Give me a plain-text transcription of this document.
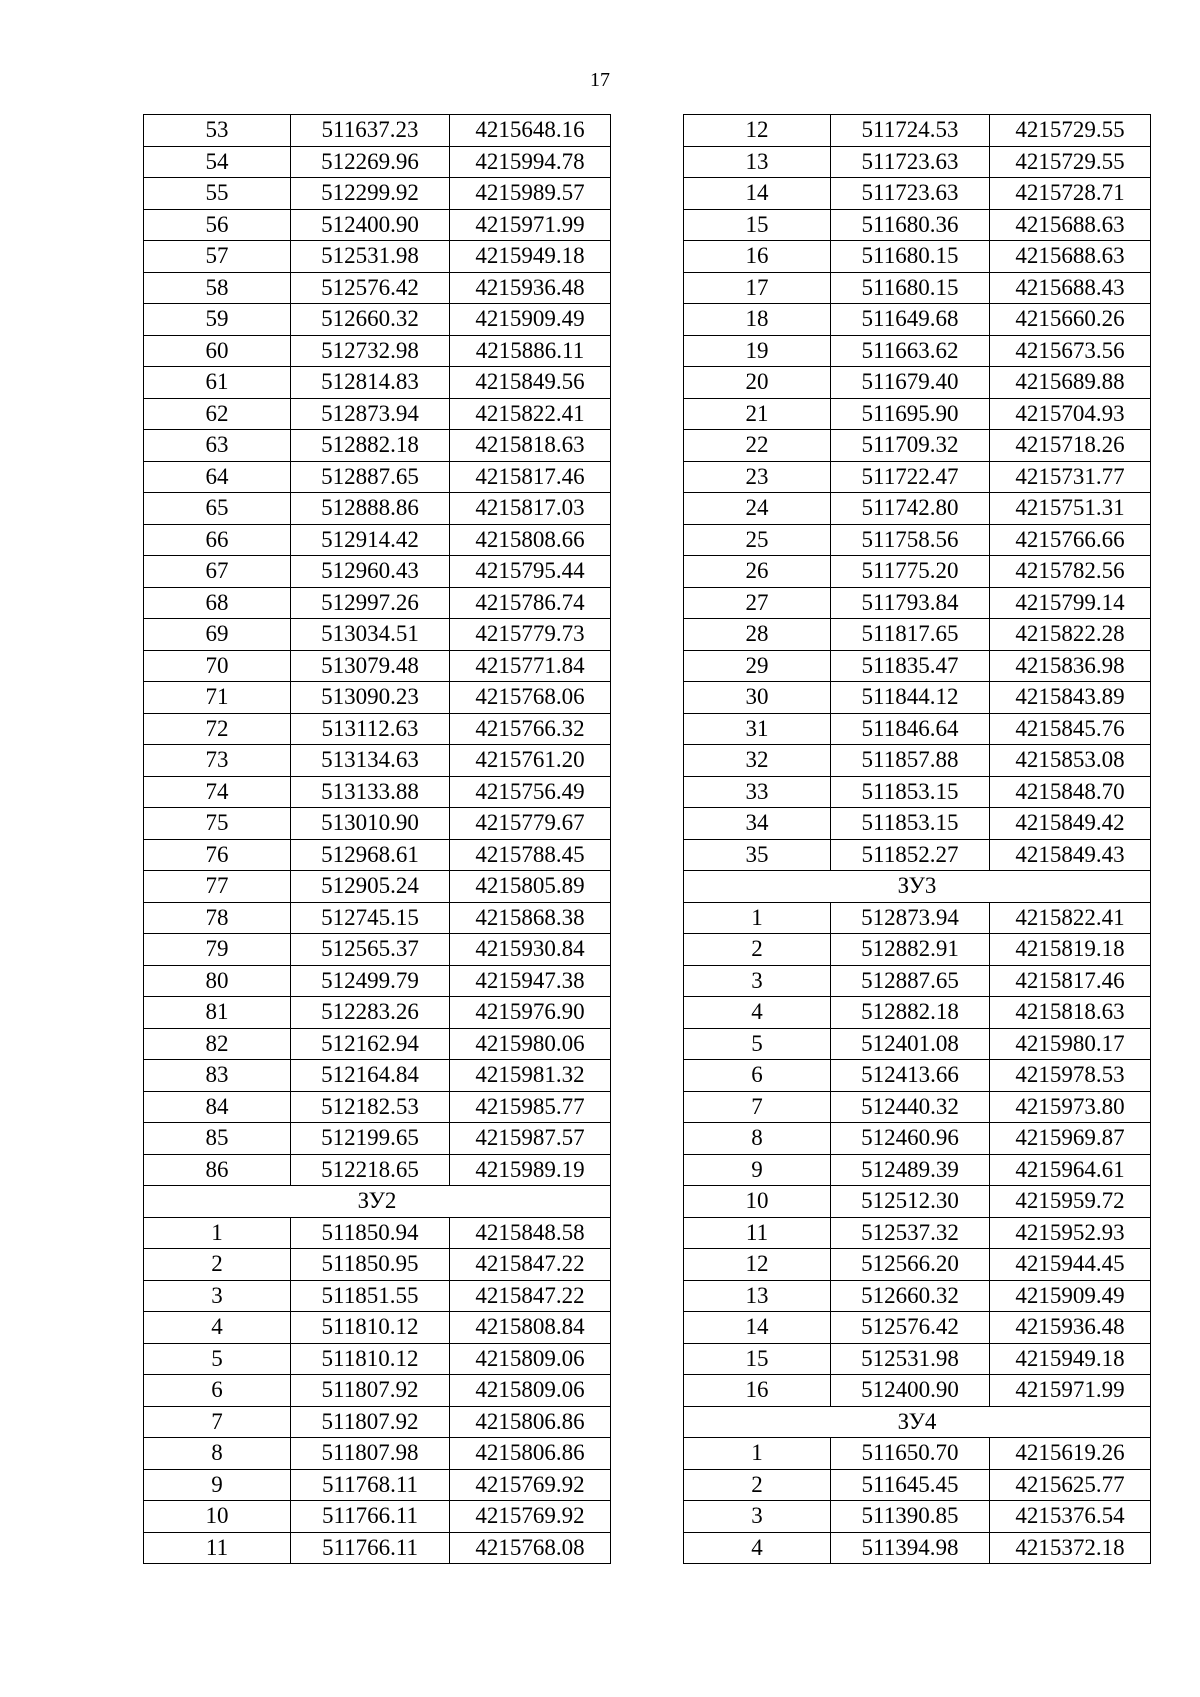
17
53	511637.23	4215648.16
54	512269.96	4215994.78
55	512299.92	4215989.57
56	512400.90	4215971.99
57	512531.98	4215949.18
58	512576.42	4215936.48
59	512660.32	4215909.49
60	512732.98	4215886.11
61	512814.83	4215849.56
62	512873.94	4215822.41
63	512882.18	4215818.63
64	512887.65	4215817.46
65	512888.86	4215817.03
66	512914.42	4215808.66
67	512960.43	4215795.44
68	512997.26	4215786.74
69	513034.51	4215779.73
70	513079.48	4215771.84
71	513090.23	4215768.06
72	513112.63	4215766.32
73	513134.63	4215761.20
74	513133.88	4215756.49
75	513010.90	4215779.67
76	512968.61	4215788.45
77	512905.24	4215805.89
78	512745.15	4215868.38
79	512565.37	4215930.84
80	512499.79	4215947.38
81	512283.26	4215976.90
82	512162.94	4215980.06
83	512164.84	4215981.32
84	512182.53	4215985.77
85	512199.65	4215987.57
86	512218.65	4215989.19
ЗУ2		
1	511850.94	4215848.58
2	511850.95	4215847.22
3	511851.55	4215847.22
4	511810.12	4215808.84
5	511810.12	4215809.06
6	511807.92	4215809.06
7	511807.92	4215806.86
8	511807.98	4215806.86
9	511768.11	4215769.92
10	511766.11	4215769.92
11	511766.11	4215768.08
12	511724.53	4215729.55
13	511723.63	4215729.55
14	511723.63	4215728.71
15	511680.36	4215688.63
16	511680.15	4215688.63
17	511680.15	4215688.43
18	511649.68	4215660.26
19	511663.62	4215673.56
20	511679.40	4215689.88
21	511695.90	4215704.93
22	511709.32	4215718.26
23	511722.47	4215731.77
24	511742.80	4215751.31
25	511758.56	4215766.66
26	511775.20	4215782.56
27	511793.84	4215799.14
28	511817.65	4215822.28
29	511835.47	4215836.98
30	511844.12	4215843.89
31	511846.64	4215845.76
32	511857.88	4215853.08
33	511853.15	4215848.70
34	511853.15	4215849.42
35	511852.27	4215849.43
ЗУ3		
1	512873.94	4215822.41
2	512882.91	4215819.18
3	512887.65	4215817.46
4	512882.18	4215818.63
5	512401.08	4215980.17
6	512413.66	4215978.53
7	512440.32	4215973.80
8	512460.96	4215969.87
9	512489.39	4215964.61
10	512512.30	4215959.72
11	512537.32	4215952.93
12	512566.20	4215944.45
13	512660.32	4215909.49
14	512576.42	4215936.48
15	512531.98	4215949.18
16	512400.90	4215971.99
ЗУ4		
1	511650.70	4215619.26
2	511645.45	4215625.77
3	511390.85	4215376.54
4	511394.98	4215372.18
